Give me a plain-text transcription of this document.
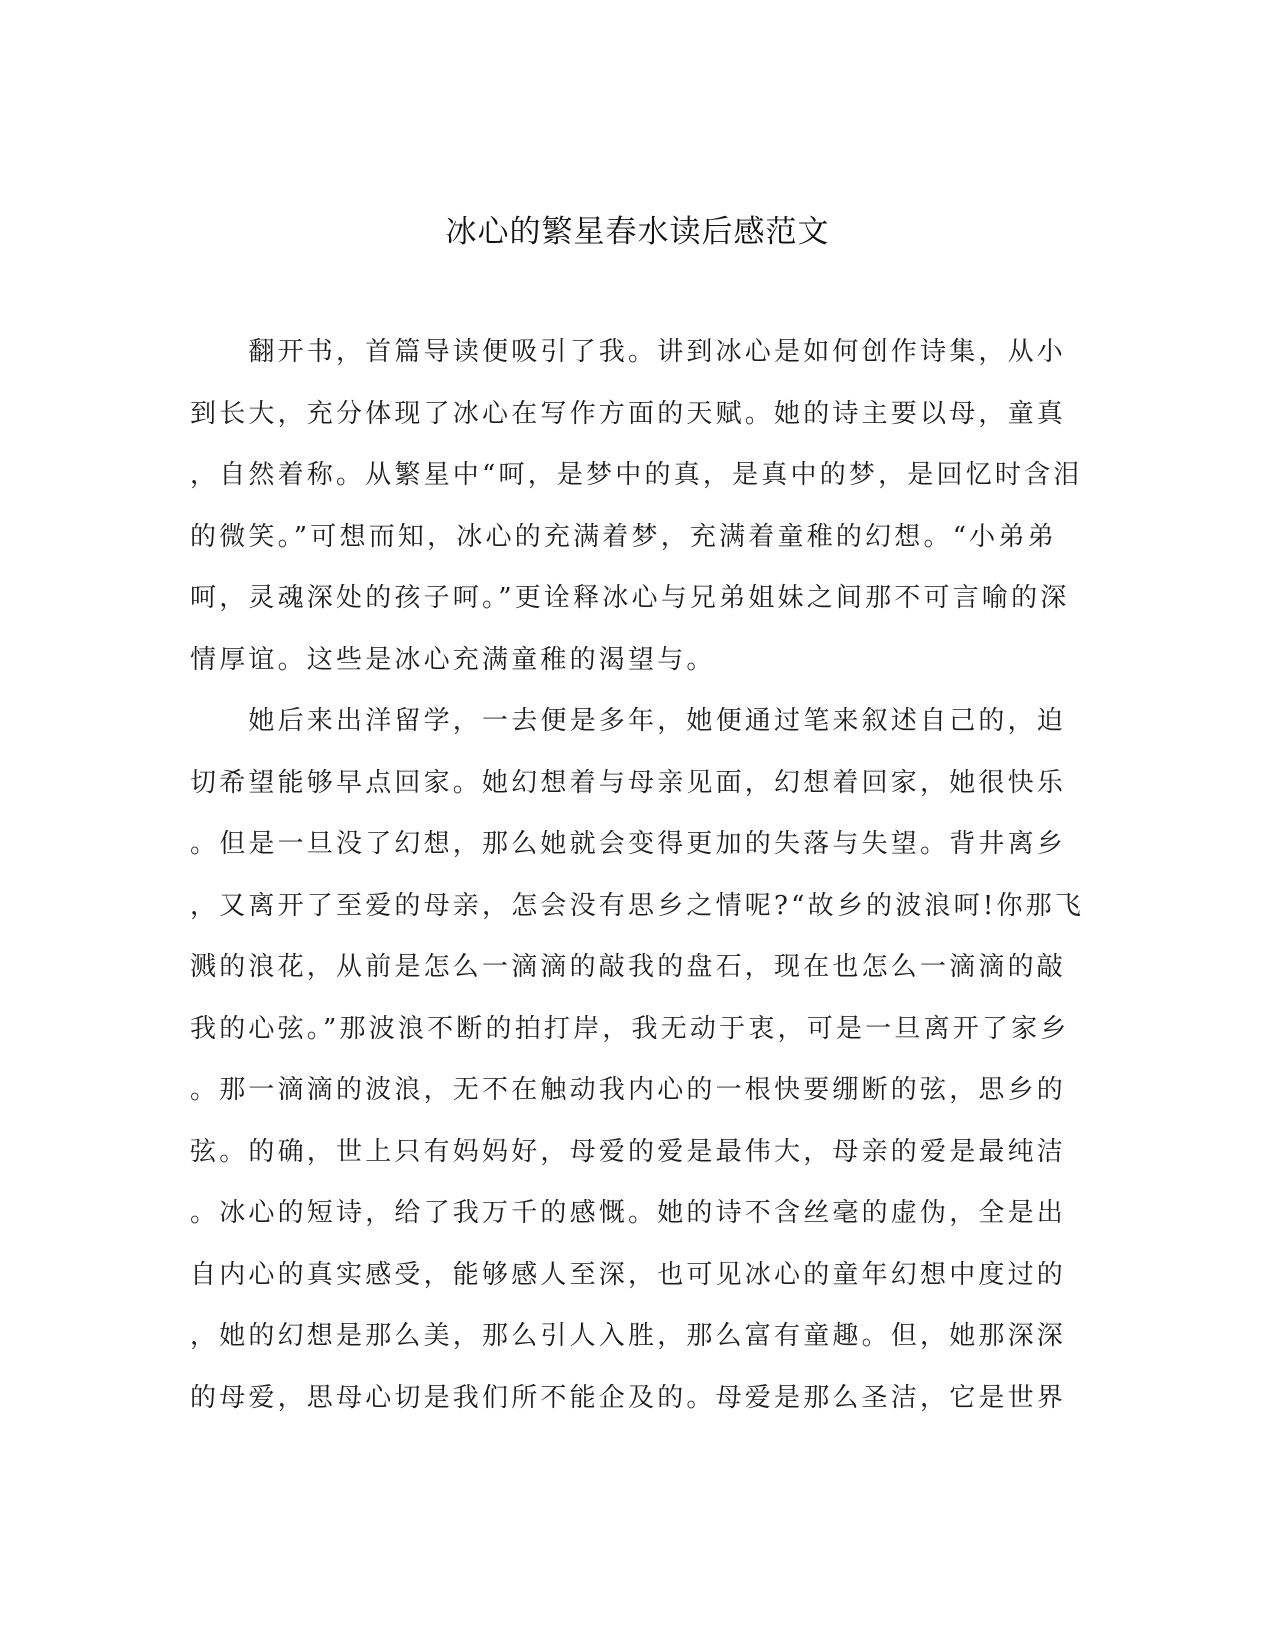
冰心的繁星春水读后感范文
　　翻开书，首篇导读便吸引了我。讲到冰心是如何创作诗集，从小
到长大，充分体现了冰心在写作方面的天赋。她的诗主要以母，童真
，自然着称。从繁星中“呵，是梦中的真，是真中的梦，是回忆时含泪
的微笑。”可想而知，冰心的充满着梦，充满着童稚的幻想。“小弟弟
呵，灵魂深处的孩子呵。”更诠释冰心与兄弟姐妹之间那不可言喻的深
情厚谊。这些是冰心充满童稚的渴望与。
　　她后来出洋留学，一去便是多年，她便通过笔来叙述自己的，迫
切希望能够早点回家。她幻想着与母亲见面，幻想着回家，她很快乐
。但是一旦没了幻想，那么她就会变得更加的失落与失望。背井离乡
，又离开了至爱的母亲，怎会没有思乡之情呢?“故乡的波浪呵!你那飞
溅的浪花，从前是怎么一滴滴的敲我的盘石，现在也怎么一滴滴的敲
我的心弦。”那波浪不断的拍打岸，我无动于衷，可是一旦离开了家乡
。那一滴滴的波浪，无不在触动我内心的一根快要绷断的弦，思乡的
弦。的确，世上只有妈妈好，母爱的爱是最伟大，母亲的爱是最纯洁
。冰心的短诗，给了我万千的感慨。她的诗不含丝毫的虚伪，全是出
自内心的真实感受，能够感人至深，也可见冰心的童年幻想中度过的
，她的幻想是那么美，那么引人入胜，那么富有童趣。但，她那深深
的母爱，思母心切是我们所不能企及的。母爱是那么圣洁，它是世界
